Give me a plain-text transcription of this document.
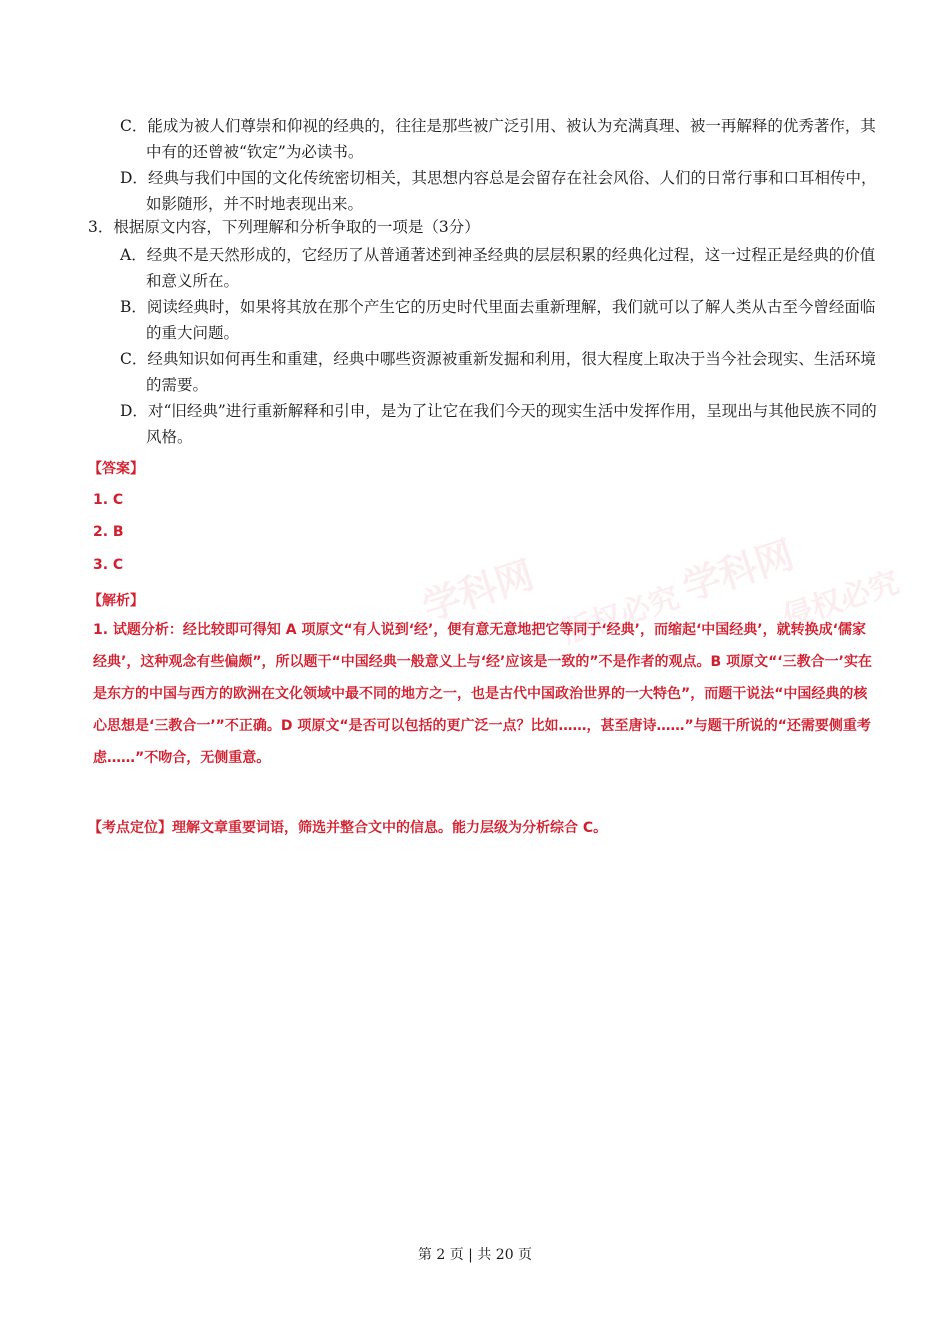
学科网 版权必究
学科网
侵权必究
C．能成为被人们尊崇和仰视的经典的，往往是那些被广泛引用、被认为充满真理、被一再解释的优秀著作，其中有的还曾被“钦定”为必读书。
D．经典与我们中国的文化传统密切相关，其思想内容总是会留存在社会风俗、人们的日常行事和口耳相传中，如影随形，并不时地表现出来。
3．根据原文内容，下列理解和分析争取的一项是（3分）
A．经典不是天然形成的，它经历了从普通著述到神圣经典的层层积累的经典化过程，这一过程正是经典的价值和意义所在。
B．阅读经典时，如果将其放在那个产生它的历史时代里面去重新理解，我们就可以了解人类从古至今曾经面临的重大问题。
C．经典知识如何再生和重建，经典中哪些资源被重新发掘和利用，很大程度上取决于当今社会现实、生活环境的需要。
D．对“旧经典”进行重新解释和引申，是为了让它在我们今天的现实生活中发挥作用，呈现出与其他民族不同的风格。
【答案】
1. C
2. B
3. C
【解析】
1. 试题分析：经比较即可得知 A 项原文“有人说到‘经’，便有意无意地把它等同于‘经典’，而缩起‘中国经典’，就转换成‘儒家经典’，这种观念有些偏颇”，所以题干“中国经典一般意义上与‘经’应该是一致的”不是作者的观点。B 项原文“‘三教合一’实在是东方的中国与西方的欧洲在文化领域中最不同的地方之一，也是古代中国政治世界的一大特色”，而题干说法“中国经典的核心思想是‘三教合一’”不正确。D 项原文“是否可以包括的更广泛一点？比如……，甚至唐诗……”与题干所说的“还需要侧重考虑……”不吻合，无侧重意。
【考点定位】理解文章重要词语，筛选并整合文中的信息。能力层级为分析综合 C。
第 2 页 | 共 20 页
